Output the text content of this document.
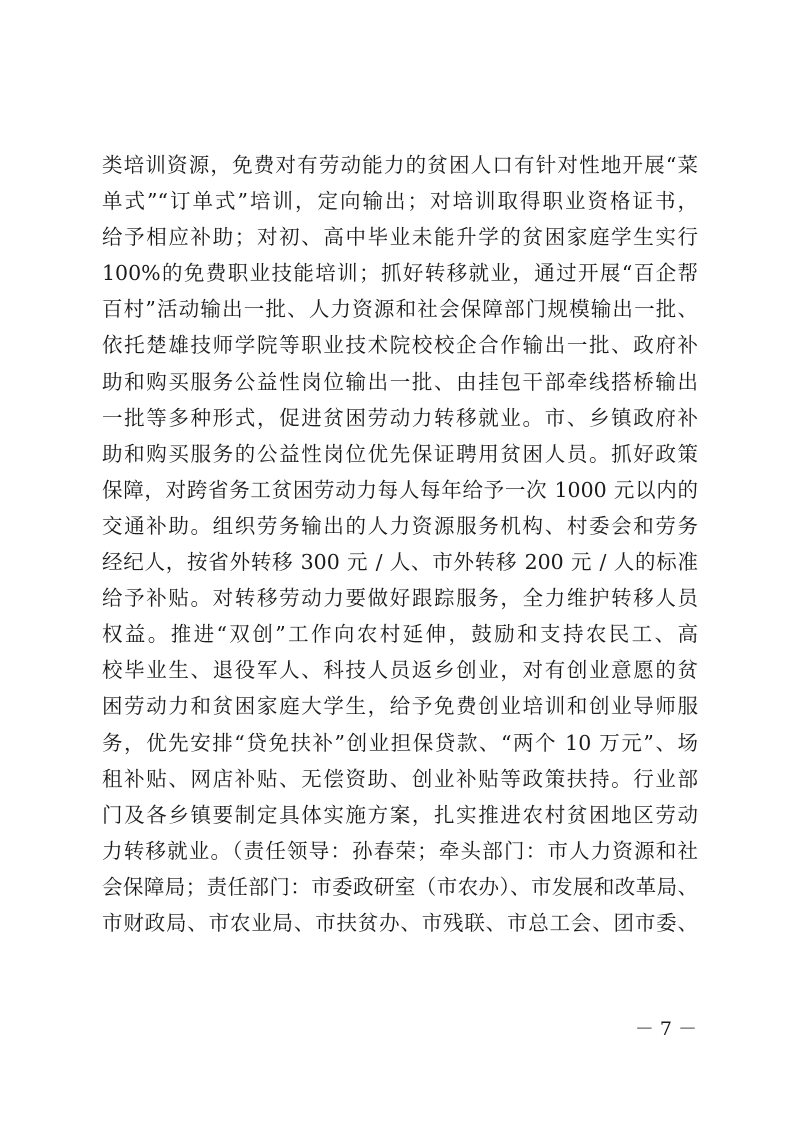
类培训资源，免费对有劳动能力的贫困人口有针对性地开展“菜
单式”“订单式”培训，定向输出；对培训取得职业资格证书，
给予相应补助；对初、高中毕业未能升学的贫困家庭学生实行
100%的免费职业技能培训；抓好转移就业，通过开展“百企帮
百村”活动输出一批、人力资源和社会保障部门规模输出一批、
依托楚雄技师学院等职业技术院校校企合作输出一批、政府补
助和购买服务公益性岗位输出一批、由挂包干部牵线搭桥输出
一批等多种形式，促进贫困劳动力转移就业。市、乡镇政府补
助和购买服务的公益性岗位优先保证聘用贫困人员。抓好政策
保障，对跨省务工贫困劳动力每人每年给予一次 1000 元以内的
交通补助。组织劳务输出的人力资源服务机构、村委会和劳务
经纪人，按省外转移 300 元 / 人、市外转移 200 元 / 人的标准
给予补贴。对转移劳动力要做好跟踪服务，全力维护转移人员
权益。推进“双创”工作向农村延伸，鼓励和支持农民工、高
校毕业生、退役军人、科技人员返乡创业，对有创业意愿的贫
困劳动力和贫困家庭大学生，给予免费创业培训和创业导师服
务，优先安排“贷免扶补”创业担保贷款、“两个 10 万元”、场
租补贴、网店补贴、无偿资助、创业补贴等政策扶持。行业部
门及各乡镇要制定具体实施方案，扎实推进农村贫困地区劳动
力转移就业。（责任领导：孙春荣；牵头部门：市人力资源和社
会保障局；责任部门：市委政研室（市农办）、市发展和改革局、
市财政局、市农业局、市扶贫办、市残联、市总工会、团市委、
－ 7 －
